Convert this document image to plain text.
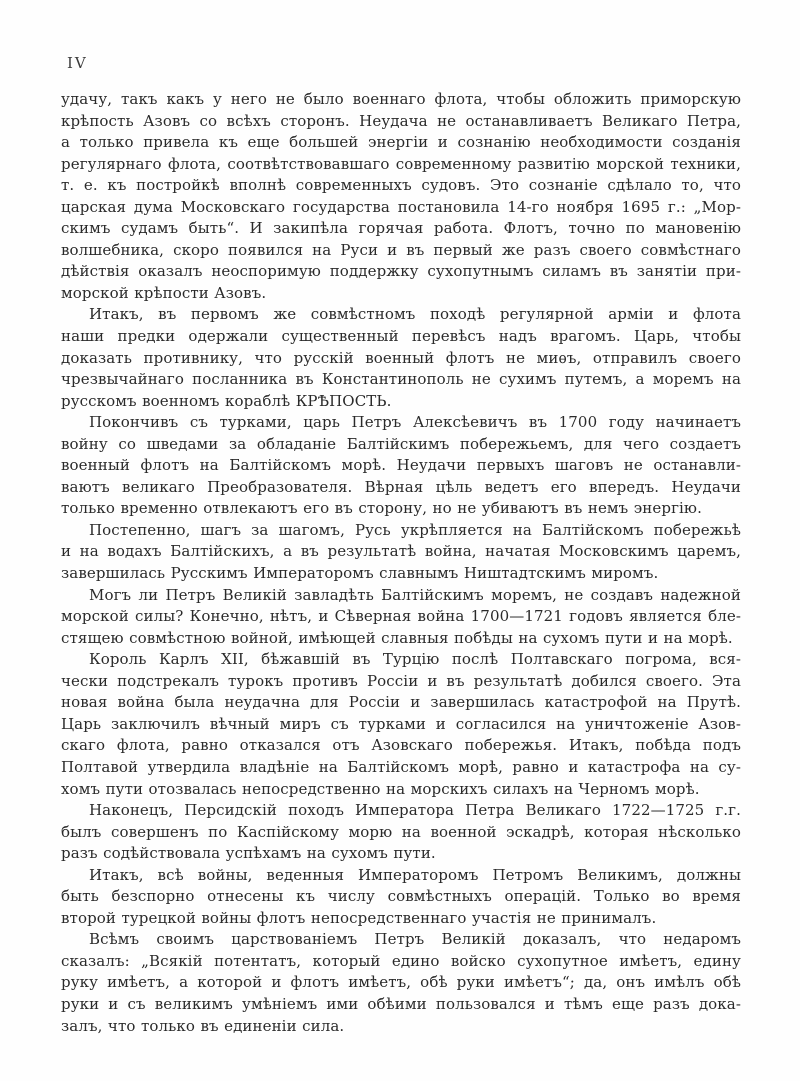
IV
удачу, такъ какъ у него не было военнаго флота, чтобы обложить приморскую
крѣпость Азовъ со всѣхъ сторонъ. Неудача не останавливаетъ Великаго Петра,
а только привела къ еще большей энергіи и сознанію необходимости созданія
регулярнаго флота, соотвѣтствовавшаго современному развитію морской техники,
т. е. къ постройкѣ вполнѣ современныхъ судовъ. Это сознаніе сдѣлало то, что
царская дума Московскаго государства постановила 14-го ноября 1695 г.: „Мор-
скимъ судамъ быть“. И закипѣла горячая работа. Флотъ, точно по мановенію
волшебника, скоро появился на Руси и въ первый же разъ своего совмѣстнаго
дѣйствія оказалъ неоспоримую поддержку сухопутнымъ силамъ въ занятіи при-
морской крѣпости Азовъ.
Итакъ, въ первомъ же совмѣстномъ походѣ регулярной арміи и флота
наши предки одержали существенный перевѣсъ надъ врагомъ. Царь, чтобы
доказать противнику, что русскій военный флотъ не миѳъ, отправилъ своего
чрезвычайнаго посланника въ Константинополь не сухимъ путемъ, а моремъ на
русскомъ военномъ кораблѣ КРѢПОСТЬ.
Покончивъ съ турками, царь Петръ Алексѣевичъ въ 1700 году начинаетъ
войну со шведами за обладаніе Балтійскимъ побережьемъ, для чего создаетъ
военный флотъ на Балтійскомъ морѣ. Неудачи первыхъ шаговъ не останавли-
ваютъ великаго Преобразователя. Вѣрная цѣль ведетъ его впередъ. Неудачи
только временно отвлекаютъ его въ сторону, но не убиваютъ въ немъ энергію.
Постепенно, шагъ за шагомъ, Русь укрѣпляется на Балтійскомъ побережьѣ
и на водахъ Балтійскихъ, а въ результатѣ война, начатая Московскимъ царемъ,
завершилась Русскимъ Императоромъ славнымъ Ништадтскимъ миромъ.
Могъ ли Петръ Великій завладѣть Балтійскимъ моремъ, не создавъ надежной
морской силы? Конечно, нѣтъ, и Сѣверная война 1700—1721 годовъ является бле-
стящею совмѣстною войной, имѣющей славныя побѣды на сухомъ пути и на морѣ.
Король Карлъ XII, бѣжавшій въ Турцію послѣ Полтавскаго погрома, вся-
чески подстрекалъ турокъ противъ Россіи и въ результатѣ добился своего. Эта
новая война была неудачна для Россіи и завершилась катастрофой на Прутѣ.
Царь заключилъ вѣчный миръ съ турками и согласился на уничтоженіе Азов-
скаго флота, равно отказался отъ Азовскаго побережья. Итакъ, побѣда подъ
Полтавой утвердила владѣніе на Балтійскомъ морѣ, равно и катастрофа на су-
хомъ пути отозвалась непосредственно на морскихъ силахъ на Черномъ морѣ.
Наконецъ, Персидскій походъ Императора Петра Великаго 1722—1725 г.г.
былъ совершенъ по Каспійскому морю на военной эскадрѣ, которая нѣсколько
разъ содѣйствовала успѣхамъ на сухомъ пути.
Итакъ, всѣ войны, веденныя Императоромъ Петромъ Великимъ, должны
быть безспорно отнесены къ числу совмѣстныхъ операцій. Только во время
второй турецкой войны флотъ непосредственнаго участія не принималъ.
Всѣмъ своимъ царствованіемъ Петръ Великій доказалъ, что недаромъ
сказалъ: „Всякій потентатъ, который едино войско сухопутное имѣетъ, едину
руку имѣетъ, а которой и флотъ имѣетъ, обѣ руки имѣетъ“; да, онъ имѣлъ обѣ
руки и съ великимъ умѣніемъ ими обѣими пользовался и тѣмъ еще разъ дока-
залъ, что только въ единеніи сила.
